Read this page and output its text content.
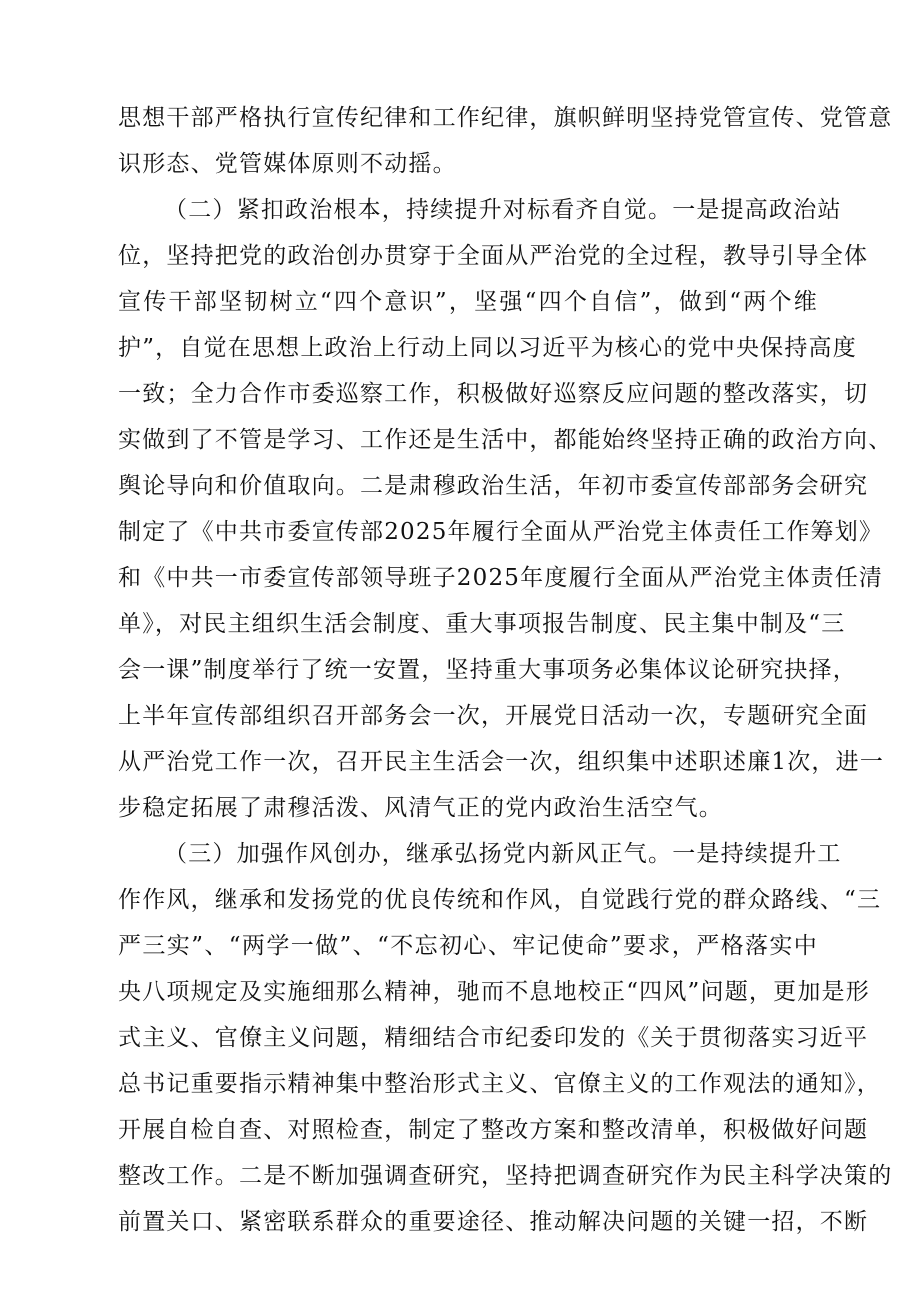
思想干部严格执行宣传纪律和工作纪律，旗帜鲜明坚持党管宣传、党管意
识形态、党管媒体原则不动摇。
（二）紧扣政治根本，持续提升对标看齐自觉。一是提高政治站
位，坚持把党的政治创办贯穿于全面从严治党的全过程，教导引导全体
宣传干部坚韧树立“四个意识”，坚强“四个自信”，做到“两个维
护”，自觉在思想上政治上行动上同以习近平为核心的党中央保持高度
一致；全力合作市委巡察工作，积极做好巡察反应问题的整改落实，切
实做到了不管是学习、工作还是生活中，都能始终坚持正确的政治方向、
舆论导向和价值取向。二是肃穆政治生活，年初市委宣传部部务会研究
制定了《中共市委宣传部2025年履行全面从严治党主体责任工作筹划》
和《中共一市委宣传部领导班子2025年度履行全面从严治党主体责任清
单》，对民主组织生活会制度、重大事项报告制度、民主集中制及“三
会一课”制度举行了统一安置，坚持重大事项务必集体议论研究抉择，
上半年宣传部组织召开部务会一次，开展党日活动一次，专题研究全面
从严治党工作一次，召开民主生活会一次，组织集中述职述廉1次，进一
步稳定拓展了肃穆活泼、风清气正的党内政治生活空气。
（三）加强作风创办，继承弘扬党内新风正气。一是持续提升工
作作风，继承和发扬党的优良传统和作风，自觉践行党的群众路线、“三
严三实”、“两学一做”、“不忘初心、牢记使命”要求，严格落实中
央八项规定及实施细那么精神，驰而不息地校正“四风”问题，更加是形
式主义、官僚主义问题，精细结合市纪委印发的《关于贯彻落实习近平
总书记重要指示精神集中整治形式主义、官僚主义的工作观法的通知》，
开展自检自查、对照检查，制定了整改方案和整改清单，积极做好问题
整改工作。二是不断加强调查研究，坚持把调查研究作为民主科学决策的
前置关口、紧密联系群众的重要途径、推动解决问题的关键一招，不断
